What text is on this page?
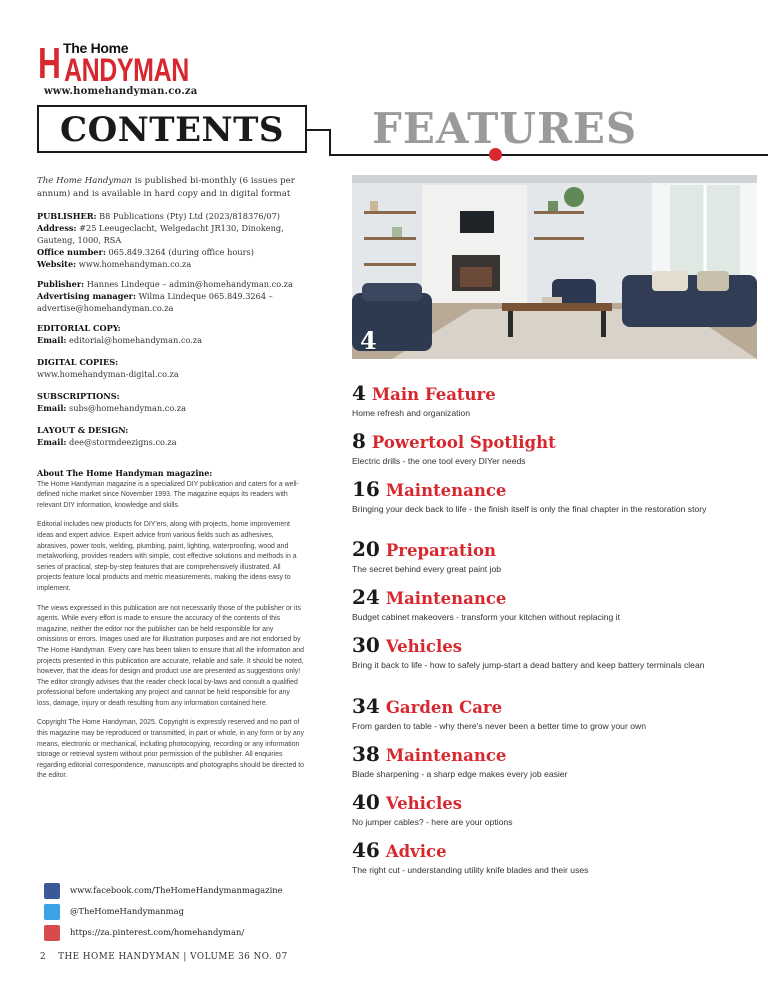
The Home
H ANDYMAN
www.homehandyman.co.za
CONTENTS	FEATURES
The Home Handyman is published bi-monthly (6 issues per annum) and is available in hard copy and in digital format
PUBLISHER: B8 Publications (Pty) Ltd (2023/818376/07)
Address: #25 Leeugeclacht, Welgedacht JR130, Dinokeng, Gauteng, 1000, RSA
Office number: 065.849.3264 (during office hours)
Website: www.homehandyman.co.za
Publisher: Hannes Lindeque – admin@homehandyman.co.za
Advertising manager: Wilma Lindeque 065.849.3264 – advertise@homehandyman.co.za
EDITORIAL COPY:
Email: editorial@homehandyman.co.za
DIGITAL COPIES:
www.homehandyman-digital.co.za
SUBSCRIPTIONS:
Email: subs@homehandyman.co.za
LAYOUT & DESIGN:
Email: dee@stormdeezigns.co.za
About The Home Handyman magazine:

The Home Handyman magazine is a specialized DIY publication and caters for a well-defined niche market since November 1993. The magazine equips its readers with relevant DIY information, knowledge and skills.

Editorial includes new products for DIY'ers, along with projects, home improvement ideas and expert advice. Expert advice from various fields such as adhesives, abrasives, power tools, welding, plumbing, paint, lighting, waterproofing, wood and metalworking, provides readers with simple, cost effective solutions and methods in a series of practical, step-by-step features that are comprehensively illustrated. All projects feature local products and metric measurements, making the ideas easy to implement.

The views expressed in this publication are not necessarily those of the publisher or its agents. While every effort is made to ensure the accuracy of the contents of this magazine, neither the editor nor the publisher can be held responsible for any omissions or errors. Images used are for illustration purposes and are not endorsed by The Home Handyman. Every care has been taken to ensure that all the information and projects presented in this publication are accurate, reliable and safe. It should be noted, however, that the ideas for design and product use are presented as suggestions only! The editor strongly advises that the reader check local by-laws and consult a qualified professional before undertaking any project and cannot be held responsible for any loss, damage, injury or death resulting from any information contained here.

Copyright The Home Handyman, 2025. Copyright is expressly reserved and no part of this magazine may be reproduced or transmitted, in part or whole, in any form or by any means, electronic or mechanical, including photocopying, recording or any information storage or retrieval system without prior permission of the publisher. All enquiries regarding editorial correspondence, manuscripts and photographs should be directed to the editor.

www.facebook.com/TheHomeHandymanmagazine
@TheHomeHandymanmag
https://za.pinterest.com/homehandyman/
2 THE HOME HANDYMAN | VOLUME 36 NO. 07
4
4 Main Feature
Home refresh and organization
8 Powertool Spotlight
Electric drills - the one tool every DIYer needs
16 Maintenance
Bringing your deck back to life - the finish itself is only the final chapter in the restoration story
20 Preparation
The secret behind every great paint job
24 Maintenance
Budget cabinet makeovers - transform your kitchen without replacing it
30 Vehicles
Bring it back to life - how to safely jump-start a dead battery and keep battery terminals clean
34 Garden Care
From garden to table - why there's never been a better time to grow your own
38 Maintenance
Blade sharpening - a sharp edge makes every job easier
40 Vehicles
No jumper cables? - here are your options
46 Advice
The right cut - understanding utility knife blades and their uses
